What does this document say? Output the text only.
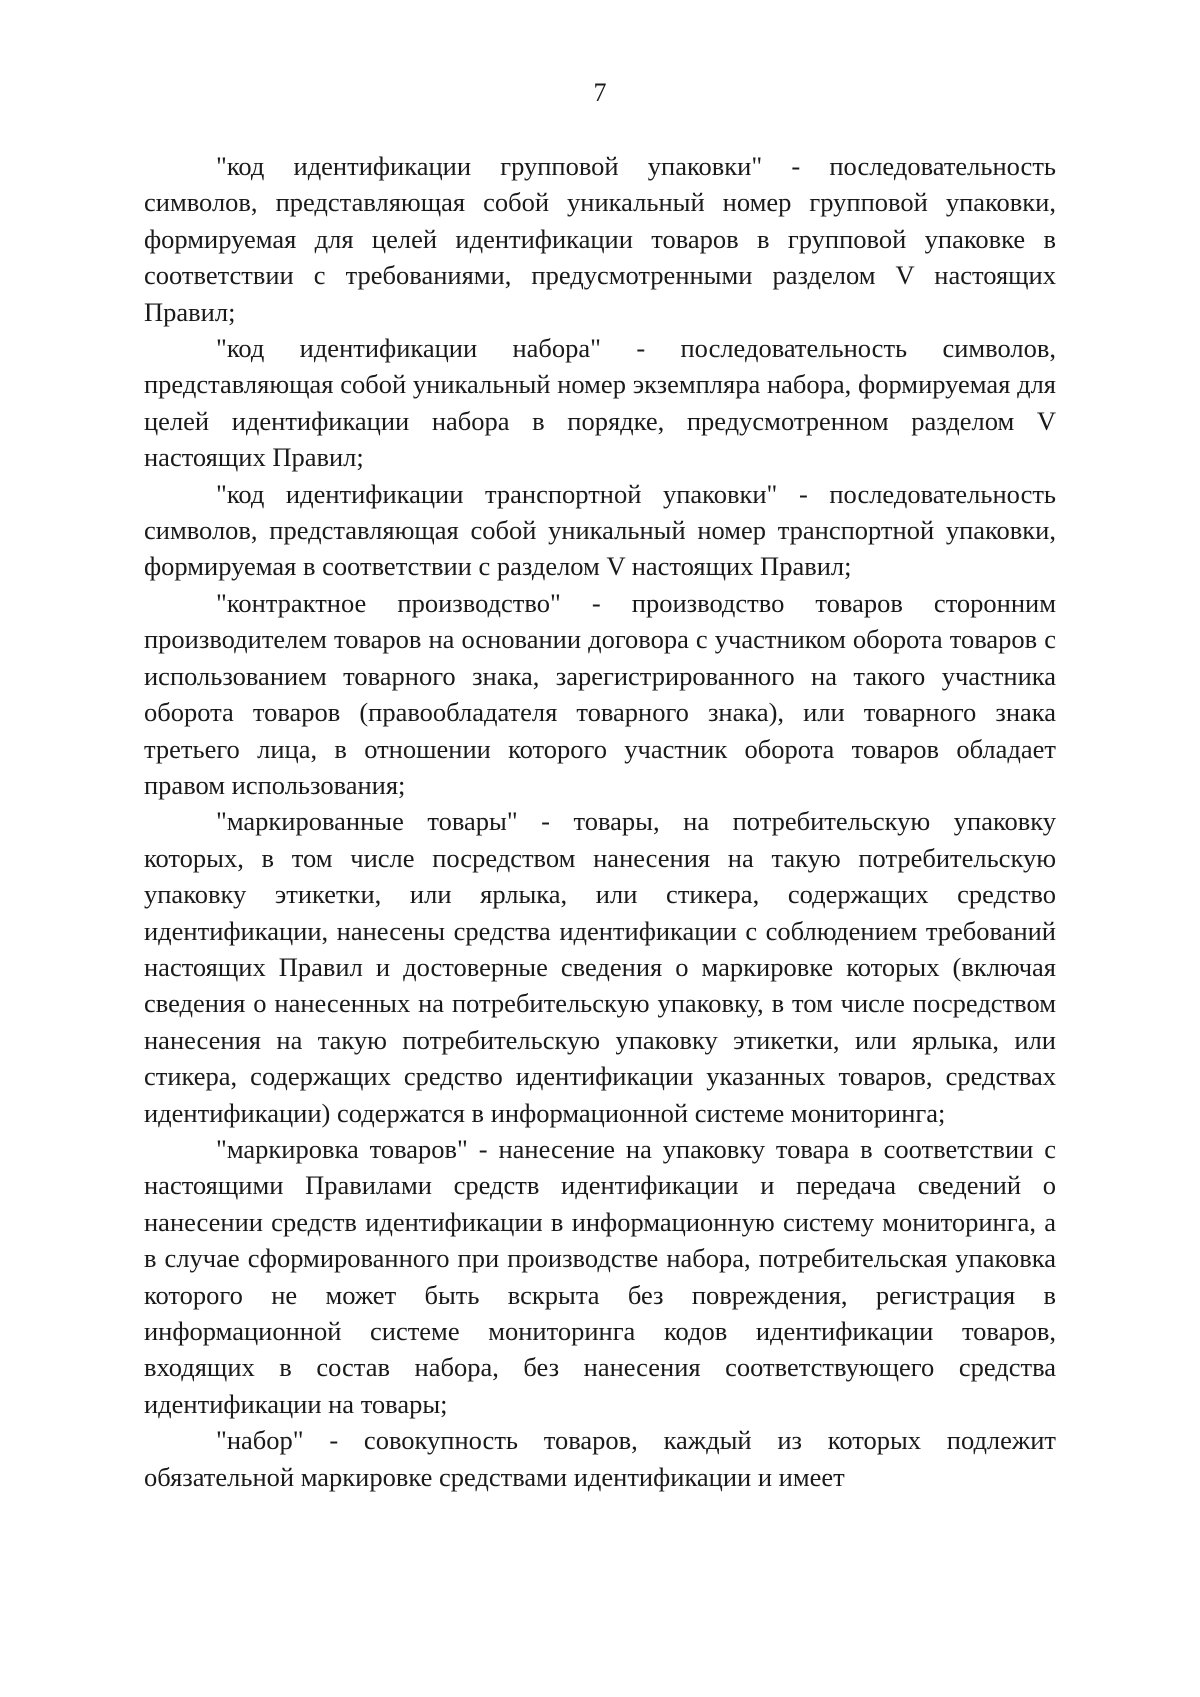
7

"код идентификации групповой упаковки" - последовательность символов, представляющая собой уникальный номер групповой упаковки, формируемая для целей идентификации товаров в групповой упаковке в соответствии с требованиями, предусмотренными разделом V настоящих Правил;

"код идентификации набора" - последовательность символов, представляющая собой уникальный номер экземпляра набора, формируемая для целей идентификации набора в порядке, предусмотренном разделом V настоящих Правил;

"код идентификации транспортной упаковки" - последовательность символов, представляющая собой уникальный номер транспортной упаковки, формируемая в соответствии с разделом V настоящих Правил;

"контрактное производство" - производство товаров сторонним производителем товаров на основании договора с участником оборота товаров с использованием товарного знака, зарегистрированного на такого участника оборота товаров (правообладателя товарного знака), или товарного знака третьего лица, в отношении которого участник оборота товаров обладает правом использования;

"маркированные товары" - товары, на потребительскую упаковку которых, в том числе посредством нанесения на такую потребительскую упаковку этикетки, или ярлыка, или стикера, содержащих средство идентификации, нанесены средства идентификации с соблюдением требований настоящих Правил и достоверные сведения о маркировке которых (включая сведения о нанесенных на потребительскую упаковку, в том числе посредством нанесения на такую потребительскую упаковку этикетки, или ярлыка, или стикера, содержащих средство идентификации указанных товаров, средствах идентификации) содержатся в информационной системе мониторинга;

"маркировка товаров" - нанесение на упаковку товара в соответствии с настоящими Правилами средств идентификации и передача сведений о нанесении средств идентификации в информационную систему мониторинга, а в случае сформированного при производстве набора, потребительская упаковка которого не может быть вскрыта без повреждения, регистрация в информационной системе мониторинга кодов идентификации товаров, входящих в состав набора, без нанесения соответствующего средства идентификации на товары;

"набор" - совокупность товаров, каждый из которых подлежит обязательной маркировке средствами идентификации и имеет
